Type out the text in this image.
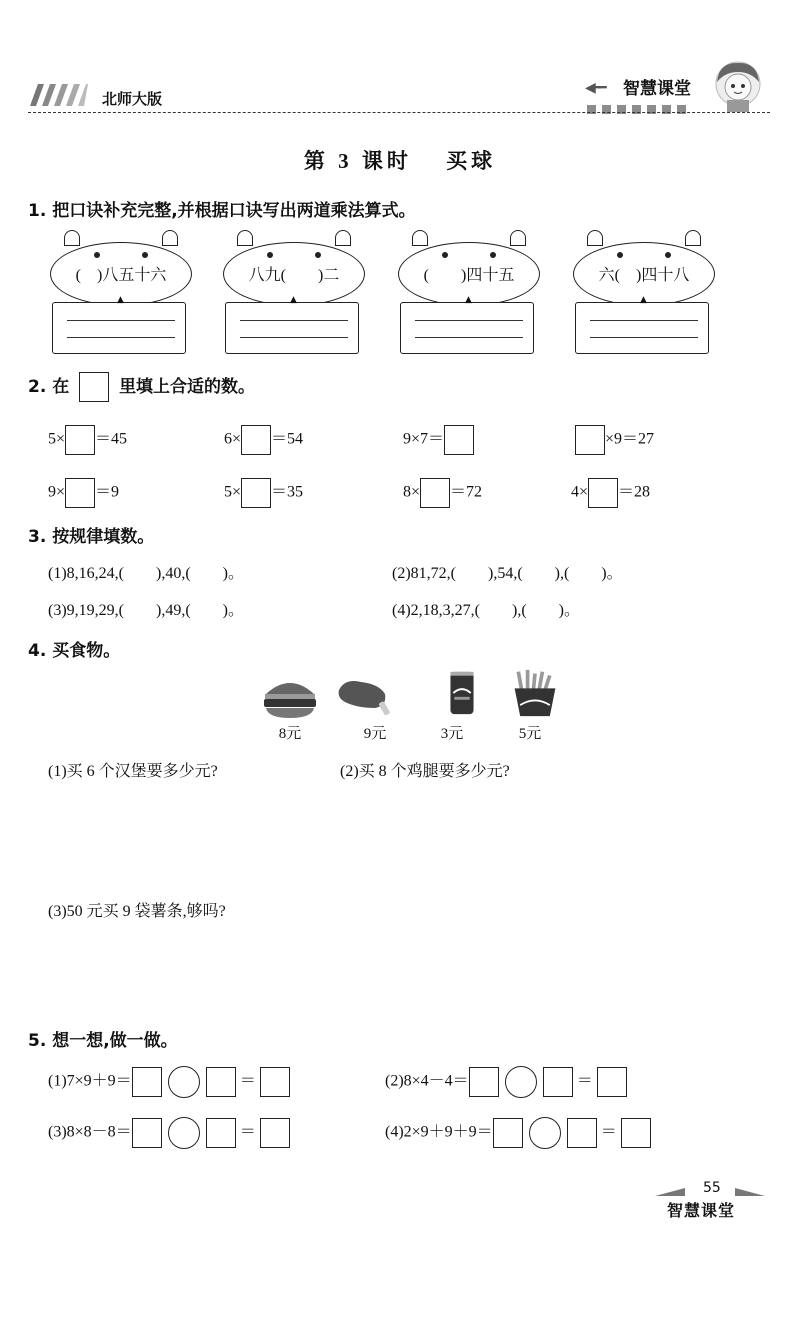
北师大版
◀━━ 智慧课堂
第 3 课时　 买球
1. 把口诀补充完整,并根据口诀写出两道乘法算式。
(　)八五十六
▲
八九(　　)二
▲
(　　)四十五
▲
六(　)四十八
▲
2. 在	里填上合适的数。
5× ＝45	6× ＝54	9×7＝	×9＝27
9× ＝9	5× ＝35	8× ＝72	4× ＝28
3. 按规律填数。
(1)8,16,24,(　　),40,(　　)。	(2)81,72,(　　),54,(　　),(　　)。
(3)9,19,29,(　　),49,(　　)。	(4)2,18,3,27,(　　),(　　)。
4. 买食物。
8元	9元	3元	5元
(1)买 6 个汉堡要多少元?	(2)买 8 个鸡腿要多少元?
(3)50 元买 9 袋薯条,够吗?
5. 想一想,做一做。
(1)7×9＋9＝	＝	(2)8×4－4＝	＝
(3)8×8－8＝	＝	(4)2×9＋9＋9＝	＝
55
智慧课堂
